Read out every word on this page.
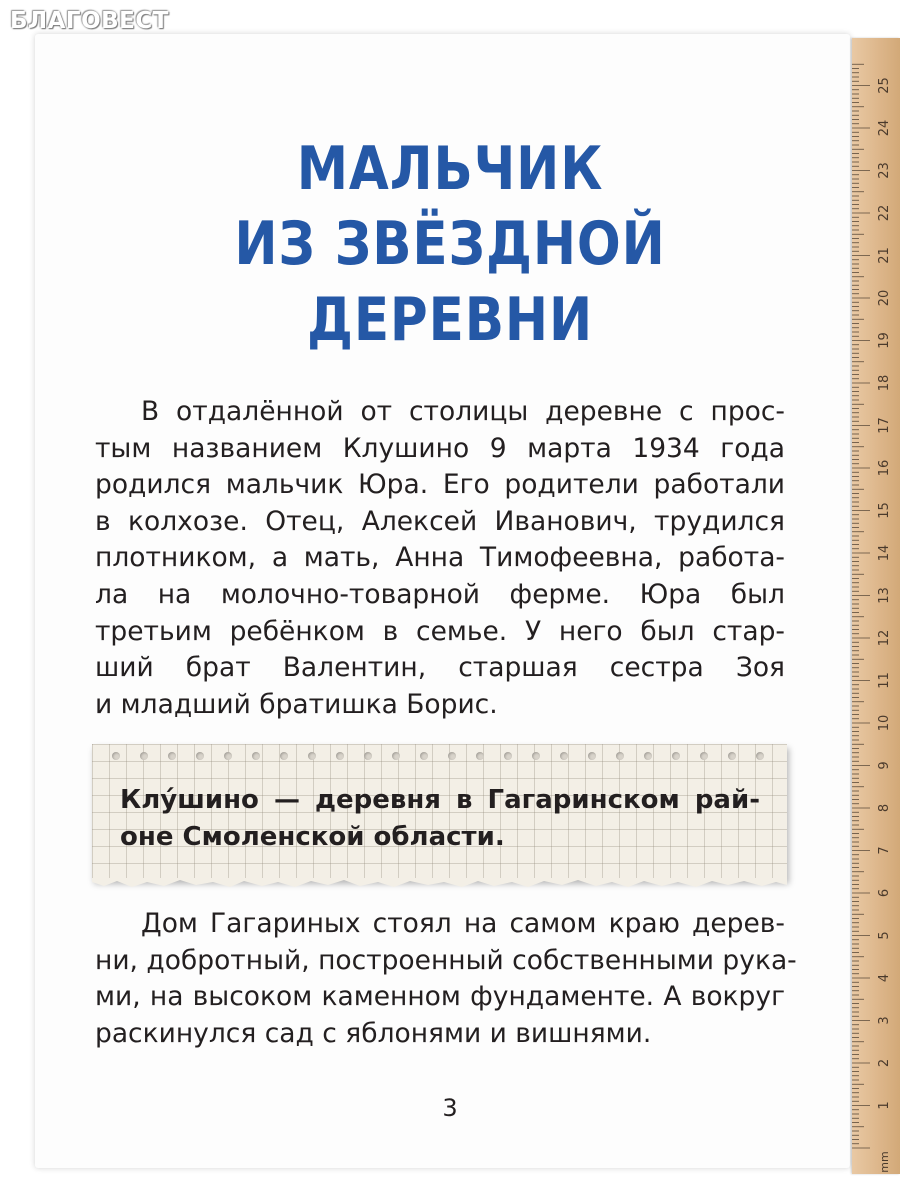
БЛАГОВЕСТ
МАЛЬЧИК
ИЗ ЗВЁЗДНОЙ ДЕРЕВНИ
В отдалённой от столицы деревне с прос-
тым названием Клушино 9 марта 1934 года
родился мальчик Юра. Его родители работали
в колхозе. Отец, Алексей Иванович, трудился
плотником, а мать, Анна Тимофеевна, работа-
ла на молочно-товарной ферме. Юра был
третьим ребёнком в семье. У него был стар-
ший брат Валентин, старшая сестра Зоя
и младший братишка Борис.
Клу́шино — деревня в Гагаринском рай-
оне Смоленской области.
Дом Гагариных стоял на самом краю дерев-
ни, добротный, построенный собственными рука-
ми, на высоком каменном фундаменте. А вокруг
раскинулся сад с яблонями и вишнями.
3	1
2
3
4
5
6
7
8
9
10
11
12
13
14
15
16
17
18
19
20
21
22
23
24
25
mm
